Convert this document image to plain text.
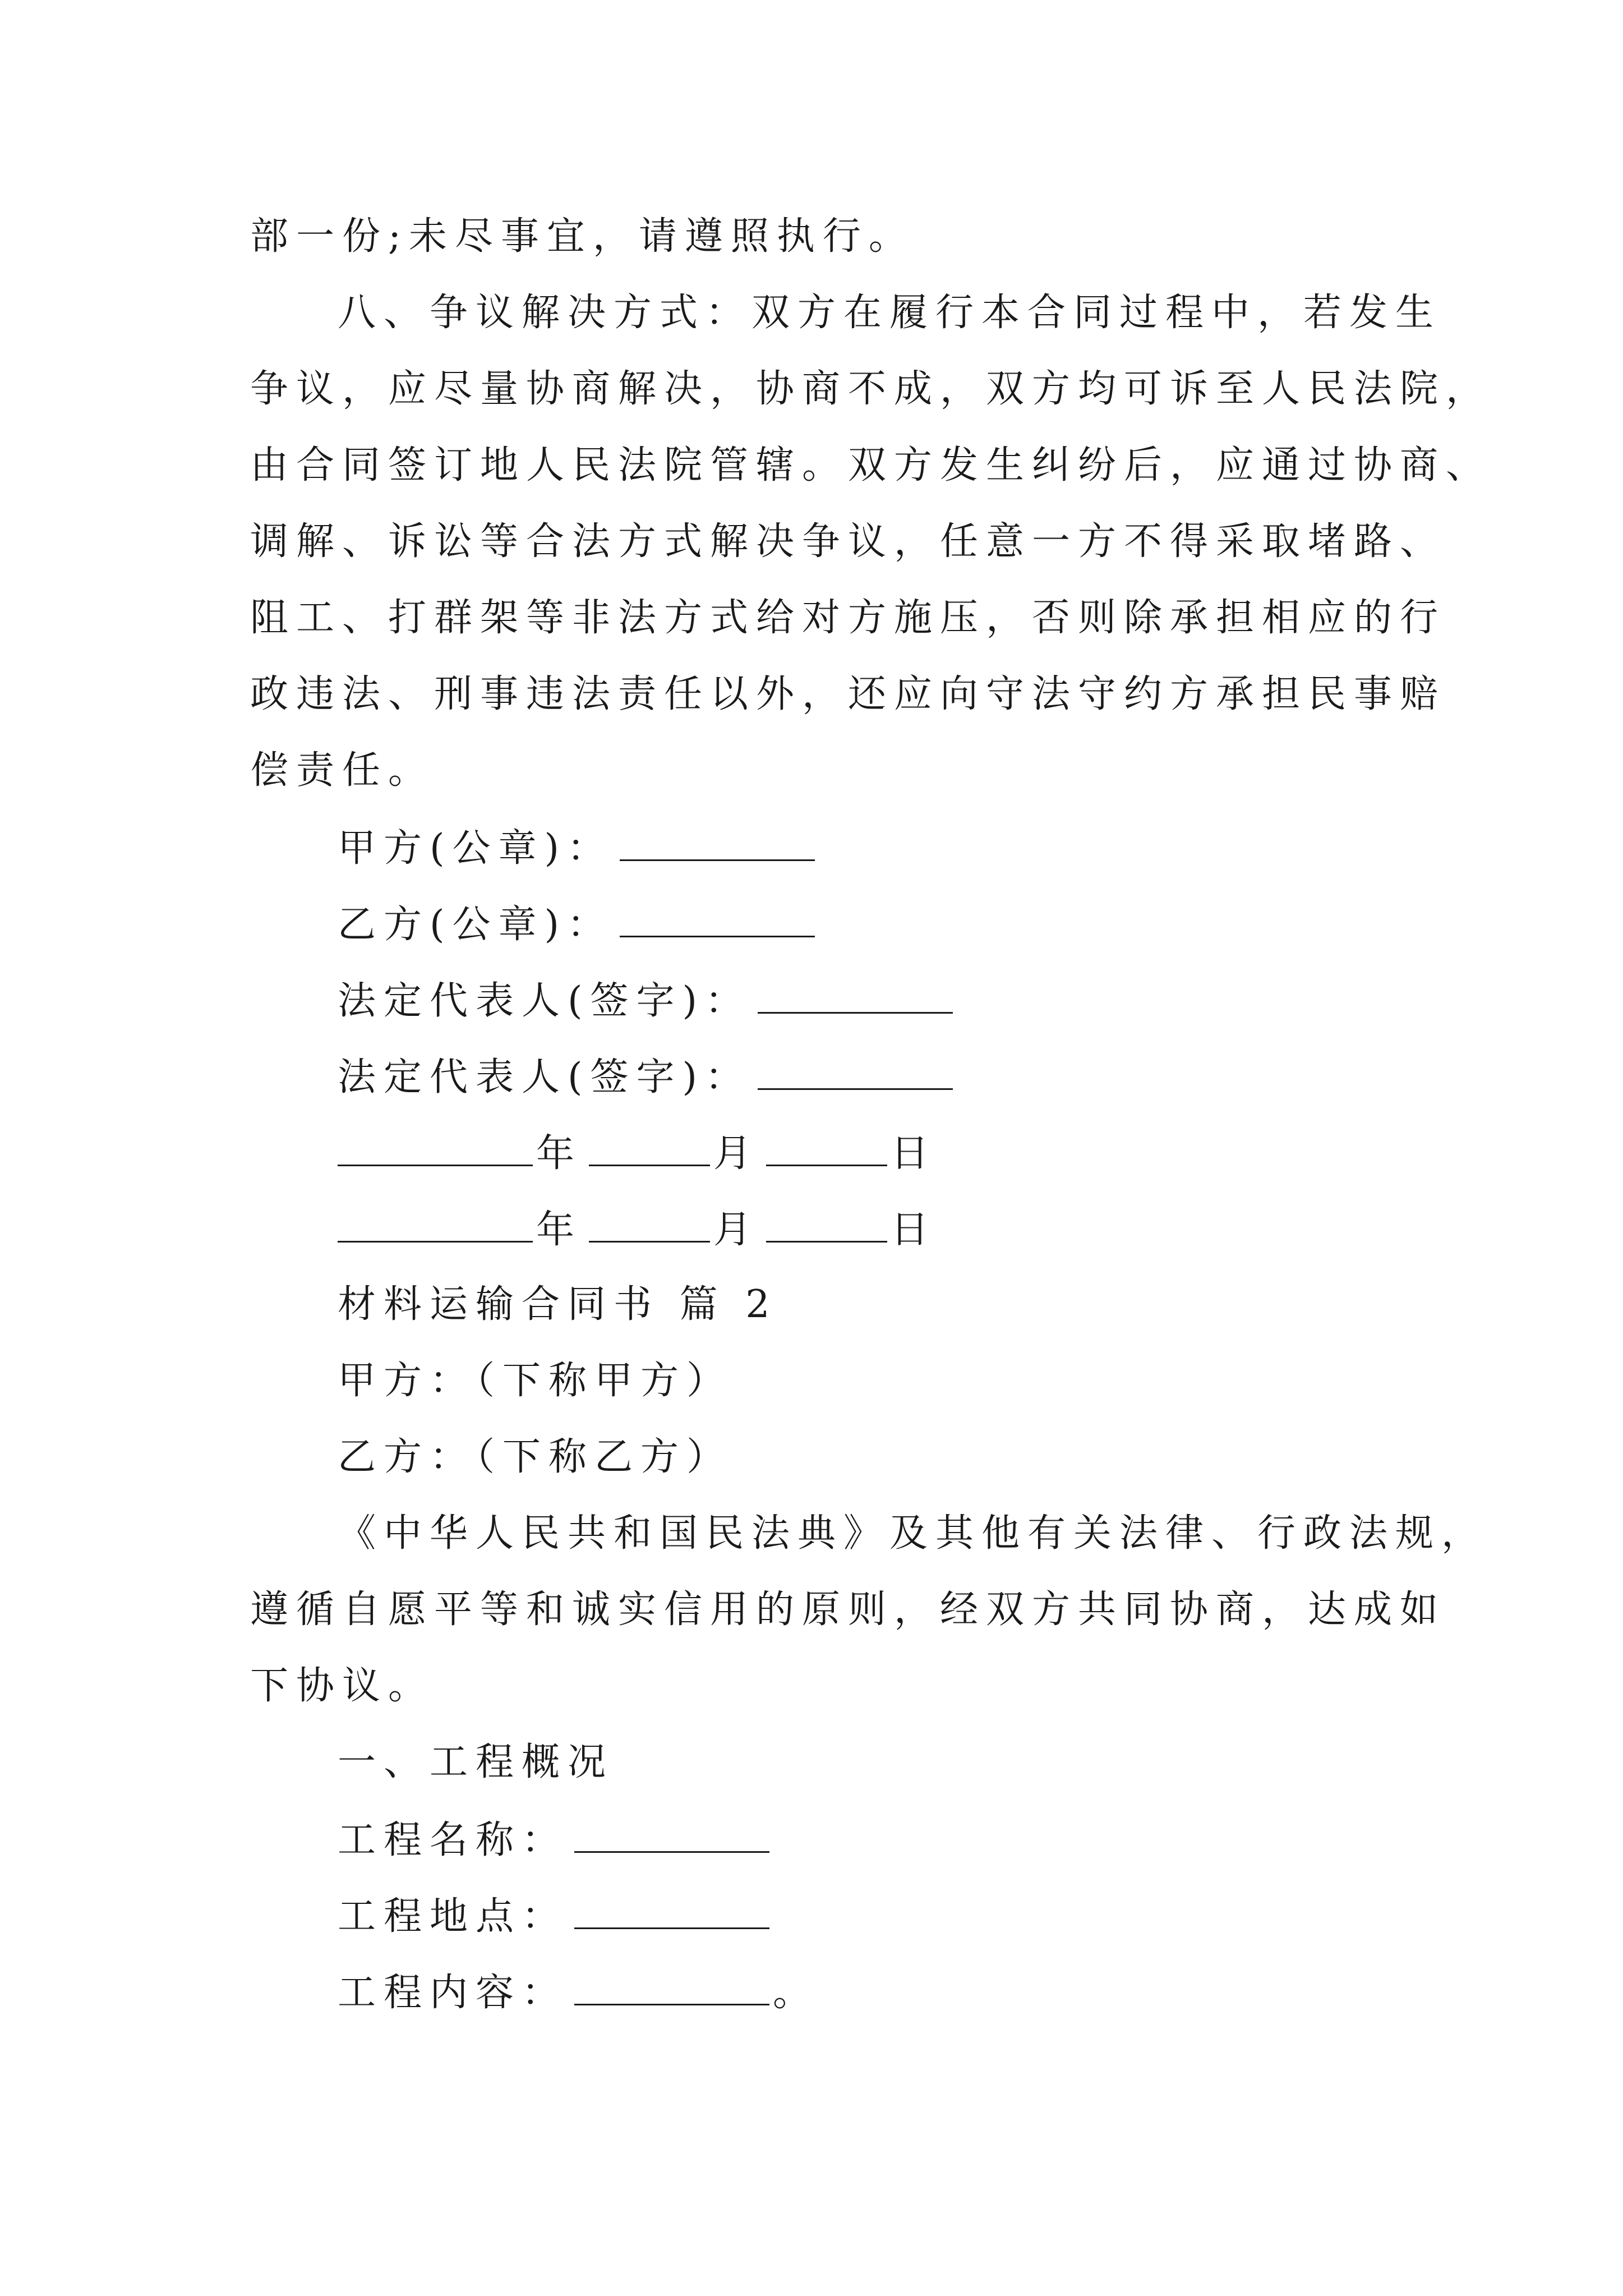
部一份;未尽事宜，请遵照执行。
八、争议解决方式：双方在履行本合同过程中，若发生
争议，应尽量协商解决，协商不成，双方均可诉至人民法院，
由合同签订地人民法院管辖。双方发生纠纷后，应通过协商、
调解、诉讼等合法方式解决争议，任意一方不得采取堵路、
阻工、打群架等非法方式给对方施压，否则除承担相应的行
政违法、刑事违法责任以外，还应向守法守约方承担民事赔
偿责任。
甲方(公章)：
乙方(公章)：
法定代表人(签字)：
法定代表人(签字)：
年	月	日
年	月	日
材料运输合同书 篇 2
甲方：（下称甲方）
乙方：（下称乙方）
《中华人民共和国民法典》及其他有关法律、行政法规，
遵循自愿平等和诚实信用的原则，经双方共同协商，达成如
下协议。
一、工程概况
工程名称：
工程地点：
工程内容：	。
